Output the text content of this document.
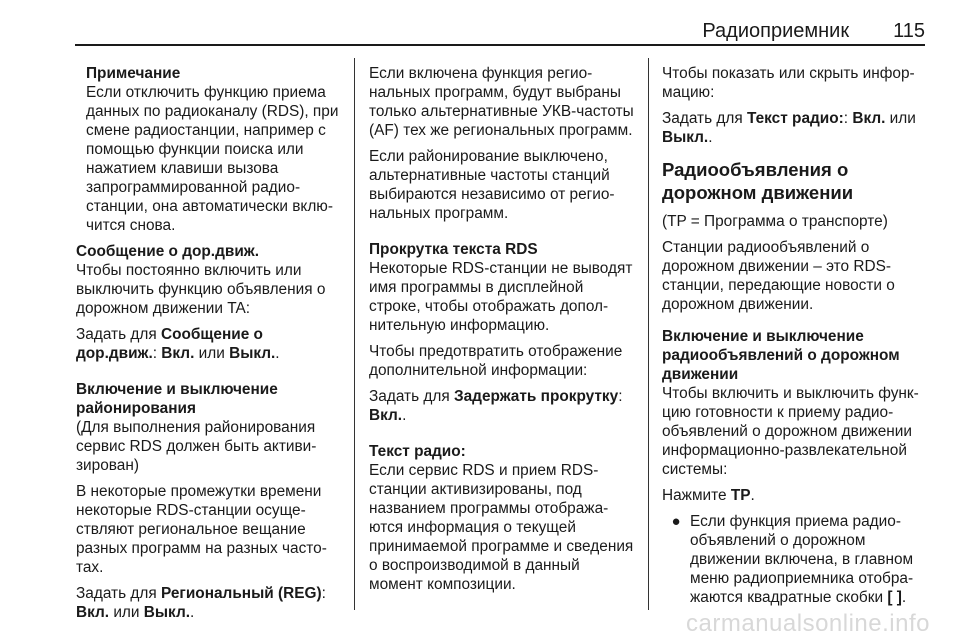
Радиоприемник 115
Примечание

Если отключить функцию приема данных по радиоканалу (RDS), при смене радиостанции, например с помощью функции поиска или нажатием клавиши вызова запрограммированной радиостанции, она автоматически включится снова.

Сообщение о дор.движ.

Чтобы постоянно включить или выключить функцию объявления о дорожном движении TA:

Задать для Сообщение о дор.движ.: Вкл. или Выкл..

Включение и выключение районирования

(Для выполнения районирования сервис RDS должен быть активизирован)

В некоторые промежутки времени некоторые RDS-станции осуществляют региональное вещание разных программ на разных частотах.

Задать для Региональный (REG): Вкл. или Выкл..

Если включена функция региональных программ, будут выбраны только альтернативные УКВ-частоты (AF) тех же региональных программ.

Если районирование выключено, альтернативные частоты станций выбираются независимо от региональных программ.

Прокрутка текста RDS

Некоторые RDS-станции не выводят имя программы в дисплейной строке, чтобы отображать дополнительную информацию.

Чтобы предотвратить отображение дополнительной информации:

Задать для Задержать прокрутку: Вкл..

Текст радио:

Если сервис RDS и прием RDS-станции активизированы, под названием программы отображаются информация о текущей принимаемой программе и сведения о воспроизводимой в данный момент композиции.

Чтобы показать или скрыть информацию:

Задать для Текст радио:: Вкл. или Выкл..

Радиообъявления о дорожном движении

(TP = Программа о транспорте)

Станции радиообъявлений о дорожном движении – это RDS-станции, передающие новости о дорожном движении.

Включение и выключение радиообъявлений о дорожном движении

Чтобы включить и выключить функцию готовности к приему радиообъявлений о дорожном движении информационно-развлекательной системы:

Нажмите TP.

● Если функция приема радиообъявлений о дорожном движении включена, в главном меню радиоприемника отображаются квадратные скобки [ ].
carmanualsonline.info
